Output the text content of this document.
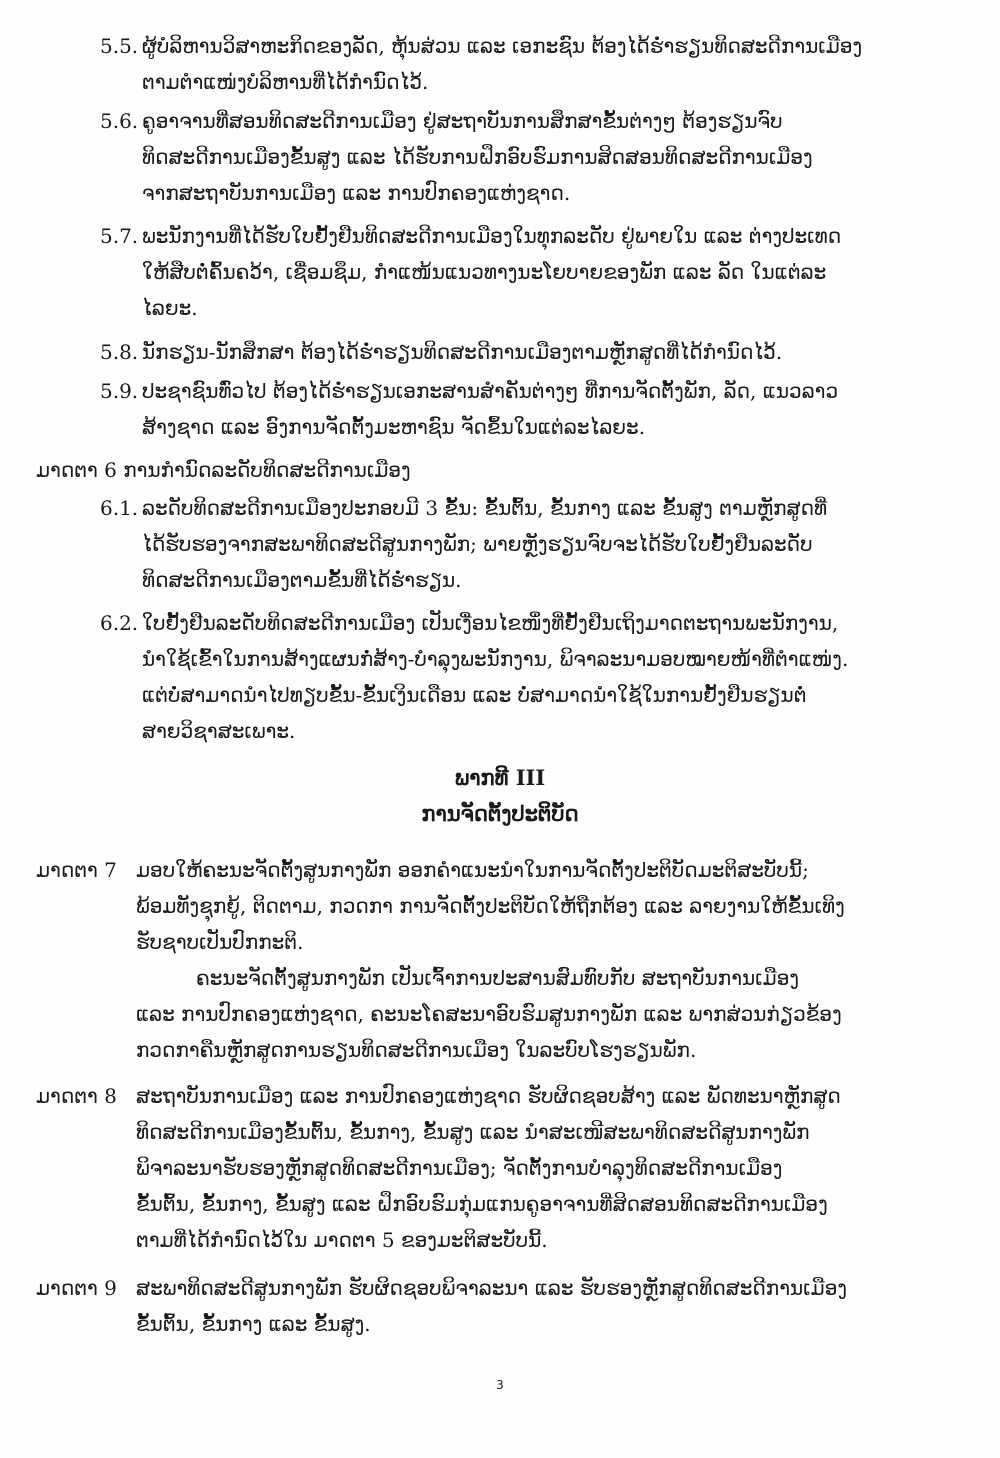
5.5. ຜູ້ບໍລິຫານວິສາຫະກິດຂອງລັດ, ຫຸ້ນສ່ວນ ແລະ ເອກະຊົນ ຕ້ອງໄດ້ຮ່ຳຮຽນທິດສະດີການເມືອງ
ຕາມຕຳແໜ່ງບໍລິຫານທີ່ໄດ້ກຳນົດໄວ້.
5.6. ຄູອາຈານທີ່ສອນທິດສະດີການເມືອງ ຢູ່ສະຖາບັນການສຶກສາຂັ້ນຕ່າງໆ ຕ້ອງຮຽນຈົບ
ທິດສະດີການເມືອງຂັ້ນສູງ ແລະ ໄດ້ຮັບການຝຶກອົບຮົມການສິດສອນທິດສະດີການເມືອງ
ຈາກສະຖາບັນການເມືອງ ແລະ ການປົກຄອງແຫ່ງຊາດ.
5.7. ພະນັກງານທີ່ໄດ້ຮັບໃບຢັ້ງຢືນທິດສະດີການເມືອງໃນທຸກລະດັບ ຢູ່ພາຍໃນ ແລະ ຕ່າງປະເທດ
ໃຫ້ສືບຕໍ່ຄົ້ນຄວ້າ, ເຊື່ອມຊຶມ, ກຳແໜ້ນແນວທາງນະໂຍບາຍຂອງພັກ ແລະ ລັດ ໃນແຕ່ລະ
ໄລຍະ.
5.8. ນັກຮຽນ-ນັກສຶກສາ ຕ້ອງໄດ້ຮ່ຳຮຽນທິດສະດີການເມືອງຕາມຫຼັກສູດທີ່ໄດ້ກຳນົດໄວ້.
5.9. ປະຊາຊົນທົ່ວໄປ ຕ້ອງໄດ້ຮ່ຳຮຽນເອກະສານສຳຄັນຕ່າງໆ ທີ່ການຈັດຕັ້ງພັກ, ລັດ, ແນວລາວ
ສ້າງຊາດ ແລະ ອົງການຈັດຕັ້ງມະຫາຊົນ ຈັດຂຶ້ນໃນແຕ່ລະໄລຍະ.
ມາດຕາ 6 ການກຳນົດລະດັບທິດສະດີການເມືອງ
6.1. ລະດັບທິດສະດີການເມືອງປະກອບມີ 3 ຂັ້ນ: ຂັ້ນຕົ້ນ, ຂັ້ນກາງ ແລະ ຂັ້ນສູງ ຕາມຫຼັກສູດທີ່
ໄດ້ຮັບຮອງຈາກສະພາທິດສະດີສູນກາງພັກ; ພາຍຫຼັງຮຽນຈົບຈະໄດ້ຮັບໃບຢັ້ງຢືນລະດັບ
ທິດສະດີການເມືອງຕາມຂັ້ນທີ່ໄດ້ຮ່ຳຮຽນ.
6.2. ໃບຢັ້ງຢືນລະດັບທິດສະດີການເມືອງ ເປັນເງື່ອນໄຂໜຶ່ງທີ່ຢັ້ງຢືນເຖິງມາດຕະຖານພະນັກງານ,
ນຳໃຊ້ເຂົ້າໃນການສ້າງແຜນກໍ່ສ້າງ-ບຳລຸງພະນັກງານ, ພິຈາລະນາມອບໝາຍໜ້າທີ່ຕຳແໜ່ງ.
ແຕ່ບໍ່ສາມາດນຳໄປທຽບຂັ້ນ-ຂັ້ນເງິນເດືອນ ແລະ ບໍ່ສາມາດນຳໃຊ້ໃນການຢັ້ງຢືນຮຽນຕໍ່
ສາຍວິຊາສະເພາະ.
ພາກທີ III
ການຈັດຕັ້ງປະຕິບັດ
ມາດຕາ 7 ມອບໃຫ້ຄະນະຈັດຕັ້ງສູນກາງພັກ ອອກຄຳແນະນຳໃນການຈັດຕັ້ງປະຕິບັດມະຕິສະບັບນີ້;
ພ້ອມທັງຊຸກຍູ້, ຕິດຕາມ, ກວດກາ ການຈັດຕັ້ງປະຕິບັດໃຫ້ຖືກຕ້ອງ ແລະ ລາຍງານໃຫ້ຂັ້ນເທິງ
ຮັບຊາບເປັນປົກກະຕິ.
ຄະນະຈັດຕັ້ງສູນກາງພັກ ເປັນເຈົ້າການປະສານສົມທົບກັບ ສະຖາບັນການເມືອງ
ແລະ ການປົກຄອງແຫ່ງຊາດ, ຄະນະໂຄສະນາອົບຮົມສູນກາງພັກ ແລະ ພາກສ່ວນກ່ຽວຂ້ອງ
ກວດກາຄືນຫຼັກສູດການຮຽນທິດສະດີການເມືອງ ໃນລະບົບໂຮງຮຽນພັກ.
ມາດຕາ 8 ສະຖາບັນການເມືອງ ແລະ ການປົກຄອງແຫ່ງຊາດ ຮັບຜິດຊອບສ້າງ ແລະ ພັດທະນາຫຼັກສູດ
ທິດສະດີການເມືອງຂັ້ນຕົ້ນ, ຂັ້ນກາງ, ຂັ້ນສູງ ແລະ ນຳສະເໜີສະພາທິດສະດີສູນກາງພັກ
ພິຈາລະນາຮັບຮອງຫຼັກສູດທິດສະດີການເມືອງ; ຈັດຕັ້ງການບຳລຸງທິດສະດີການເມືອງ
ຂັ້ນຕົ້ນ, ຂັ້ນກາງ, ຂັ້ນສູງ ແລະ ຝຶກອົບຮົມກຸ່ມແກນຄູອາຈານທີ່ສິດສອນທິດສະດີການເມືອງ
ຕາມທີ່ໄດ້ກຳນົດໄວ້ໃນ ມາດຕາ 5 ຂອງມະຕິສະບັບນີ້.
ມາດຕາ 9 ສະພາທິດສະດີສູນກາງພັກ ຮັບຜິດຊອບພິຈາລະນາ ແລະ ຮັບຮອງຫຼັກສູດທິດສະດີການເມືອງ
ຂັ້ນຕົ້ນ, ຂັ້ນກາງ ແລະ ຂັ້ນສູງ.
3
